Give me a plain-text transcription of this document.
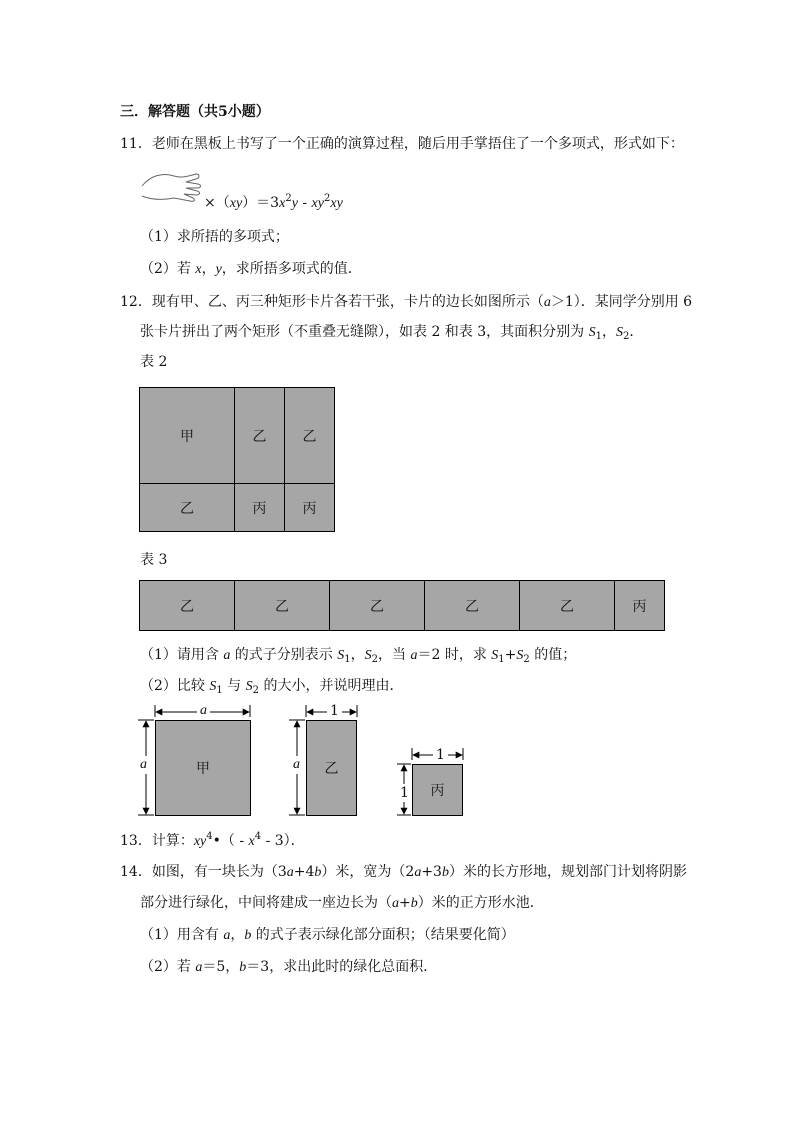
三．解答题（共5小题）
11．老师在黑板上书写了一个正确的演算过程，随后用手掌捂住了一个多项式，形式如下：
$\times(xy)=3x^2y - xy^2xy$
（1）求所捂的多项式；
（2）若 x，y，求所捂多项式的值．
12．现有甲、乙、丙三种矩形卡片各若干张，卡片的边长如图所示（a＞1）．某同学分别用 6
张卡片拼出了两个矩形（不重叠无缝隙），如表 2 和表 3，其面积分别为 $S_1$，$S_2$．
表 2
甲	乙	乙
乙	丙	丙
表 3
乙	乙	乙	乙	乙	丙
（1）请用含 a 的式子分别表示 $S_1$，$S_2$，当 a＝2 时，求 $S_1+S_2$ 的值；
（2）比较 $S_1$ 与 $S_2$ 的大小，并说明理由．
a
a	甲
1
a	乙
1
1	丙
13．计算：$xy^4•( - x^4 - 3)$．
14．如图，有一块长为（3a+4b）米，宽为（2a+3b）米的长方形地，规划部门计划将阴影
部分进行绿化，中间将建成一座边长为（a+b）米的正方形水池．
（1）用含有 a，b 的式子表示绿化部分面积；（结果要化简）
（2）若 a＝5，b＝3，求出此时的绿化总面积．
